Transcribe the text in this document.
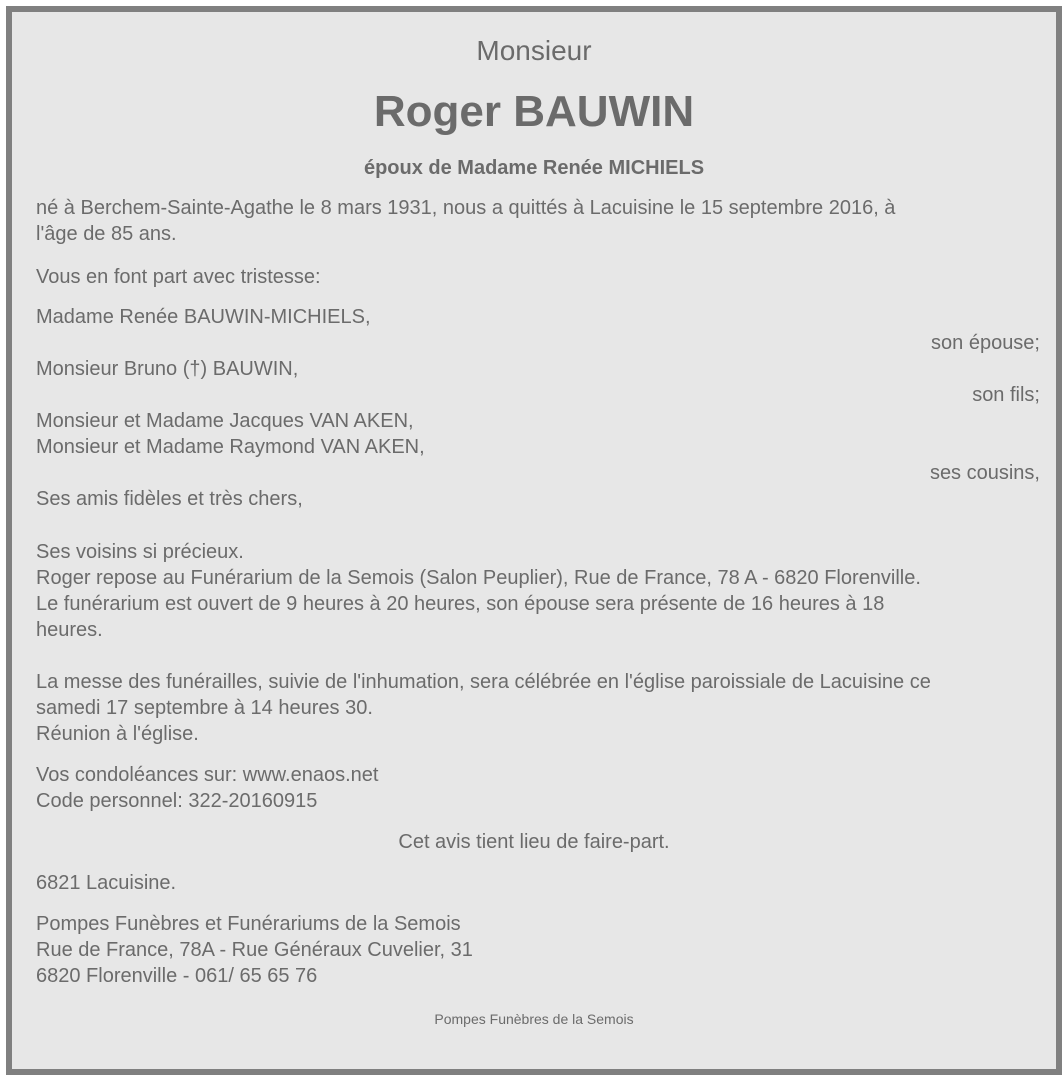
Monsieur
Roger BAUWIN
époux de Madame Renée MICHIELS
né à Berchem-Sainte-Agathe le 8 mars 1931, nous a quittés à Lacuisine le 15 septembre 2016, à
l'âge de 85 ans.
Vous en font part avec tristesse:
Madame Renée BAUWIN-MICHIELS,
son épouse;
Monsieur Bruno (†) BAUWIN,
son fils;
Monsieur et Madame Jacques VAN AKEN,
Monsieur et Madame Raymond VAN AKEN,
ses cousins,
Ses amis fidèles et très chers,
Ses voisins si précieux.
Roger repose au Funérarium de la Semois (Salon Peuplier), Rue de France, 78 A - 6820 Florenville.
Le funérarium est ouvert de 9 heures à 20 heures, son épouse sera présente de 16 heures à 18
heures.
La messe des funérailles, suivie de l'inhumation, sera célébrée en l'église paroissiale de Lacuisine ce
samedi 17 septembre à 14 heures 30.
Réunion à l'église.
Vos condoléances sur: www.enaos.net
Code personnel: 322-20160915
Cet avis tient lieu de faire-part.
6821 Lacuisine.
Pompes Funèbres et Funérariums de la Semois
Rue de France, 78A - Rue Généraux Cuvelier, 31
6820 Florenville - 061/ 65 65 76
Pompes Funèbres de la Semois
